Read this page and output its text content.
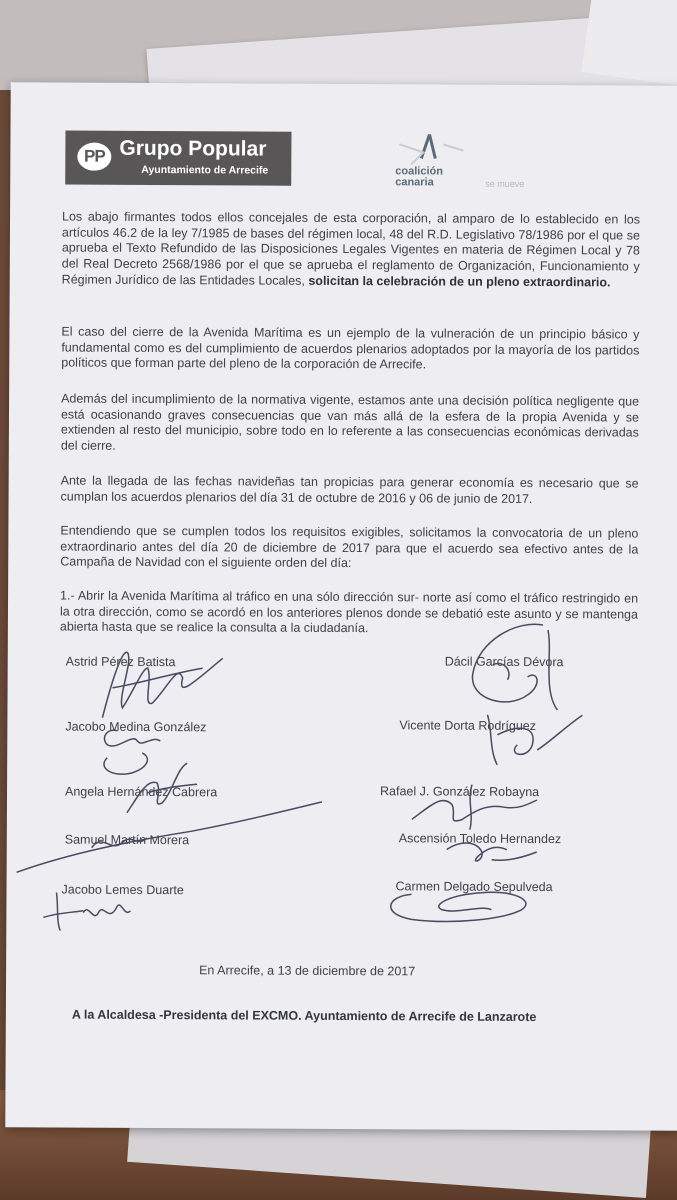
PP Grupo Popular
Ayuntamiento de Arrecife	coalición
canaria	se mueve
Los abajo firmantes todos ellos concejales de esta corporación, al amparo de lo establecido en los artículos 46.2 de la ley 7/1985 de bases del régimen local, 48 del R.D. Legislativo 78/1986 por el que se aprueba el Texto Refundido de las Disposiciones Legales Vigentes en materia de Régimen Local y 78 del Real Decreto 2568/1986 por el que se aprueba el reglamento de Organización, Funcionamiento y Régimen Jurídico de las Entidades Locales, solicitan la celebración de un pleno extraordinario.
El caso del cierre de la Avenida Marítima es un ejemplo de la vulneración de un principio básico y fundamental como es del cumplimiento de acuerdos plenarios adoptados por la mayoría de los partidos políticos que forman parte del pleno de la corporación de Arrecife.
Además del incumplimiento de la normativa vigente, estamos ante una decisión política negligente que está ocasionando graves consecuencias que van más allá de la esfera de la propia Avenida y se extienden al resto del municipio, sobre todo en lo referente a las consecuencias económicas derivadas del cierre.
Ante la llegada de las fechas navideñas tan propicias para generar economía es necesario que se cumplan los acuerdos plenarios del día 31 de octubre de 2016 y 06 de junio de 2017.
Entendiendo que se cumplen todos los requisitos exigibles, solicitamos la convocatoria de un pleno extraordinario antes del día 20 de diciembre de 2017 para que el acuerdo sea efectivo antes de la Campaña de Navidad con el siguiente orden del día:
1.- Abrir la Avenida Marítima al tráfico en una sólo dirección sur- norte así como el tráfico restringido en la otra dirección, como se acordó en los anteriores plenos donde se debatió este asunto y se mantenga abierta hasta que se realice la consulta a la ciudadanía.
Astrid Pérez Batista
Jacobo Medina González
Angela Hernández Cabrera
Samuel Martín Morera
Jacobo Lemes Duarte
Dácil Garcías Dévora
Vicente Dorta Rodríguez
Rafael J. González Robayna
Ascensión Toledo Hernandez
Carmen Delgado Sepulveda
En Arrecife, a 13 de diciembre de 2017
A la Alcaldesa -Presidenta del EXCMO. Ayuntamiento de Arrecife de Lanzarote
